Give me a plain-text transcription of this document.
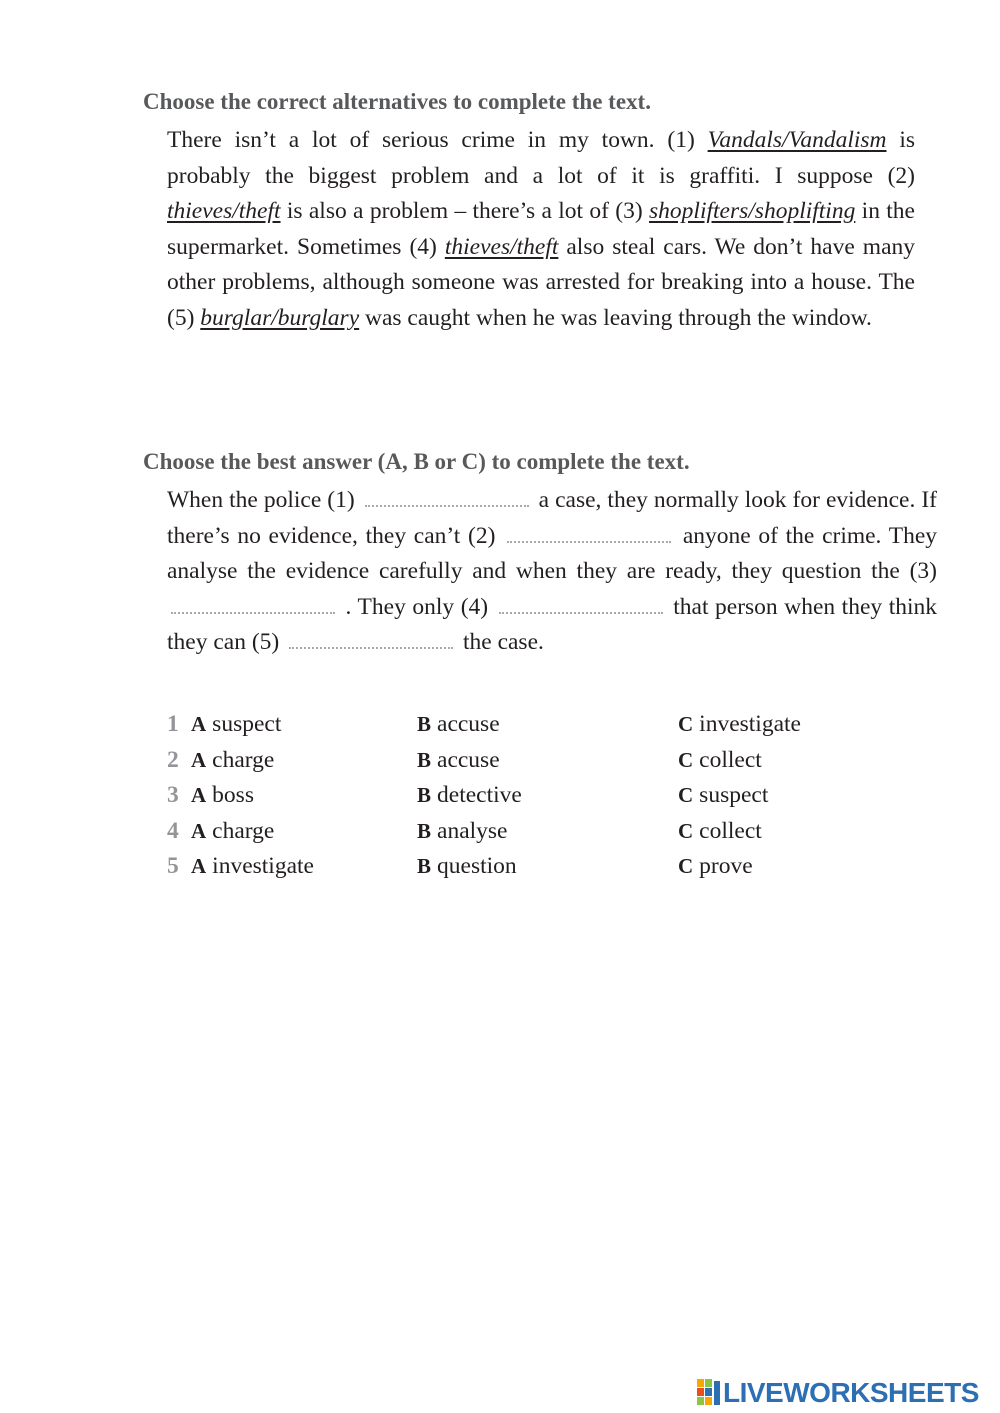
Choose the correct alternatives to complete the text.
There isn’t a lot of serious crime in my town. (1) Vandals/Vandalism is probably the biggest problem and a lot of it is graffiti. I suppose (2) thieves/theft is also a problem – there’s a lot of (3) shoplifters/shoplifting in the supermarket. Sometimes (4) thieves/theft also steal cars. We don’t have many other problems, although someone was arrested for breaking into a house. The (5) burglar/burglary was caught when he was leaving through the window.
Choose the best answer (A, B or C) to complete the text.
When the police (1)	a case, they normally look for evidence. If there’s no evidence, they can’t (2)	anyone of the crime. They analyse the evidence carefully and when they are ready, they question the (3)  . They only (4)	that person when they think they can (5)	the case.
1 A suspect	B accuse	C investigate
2 A charge	B accuse	C collect
3 A boss	B detective	C suspect
4 A charge	B analyse	C collect
5 A investigate	B question	C prove
LIVEWORKSHEETS
